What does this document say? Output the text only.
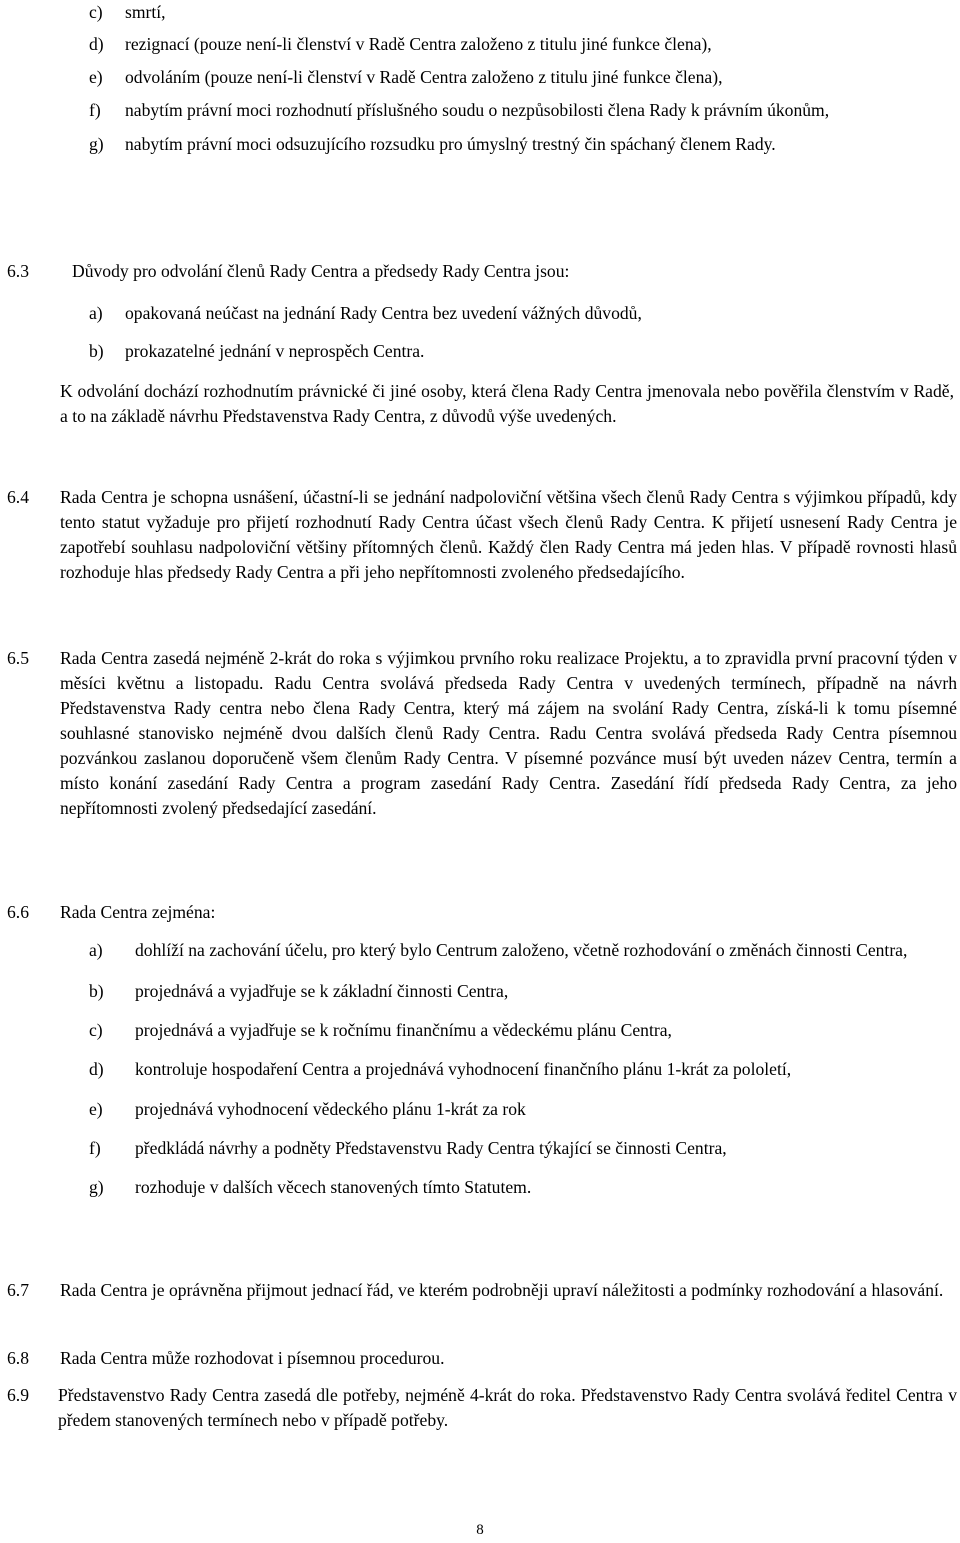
c)	smrtí,
d)	rezignací (pouze není-li členství v Radě Centra založeno z titulu jiné funkce člena),
e)	odvoláním (pouze není-li členství v Radě Centra založeno z titulu jiné funkce člena),
f)	nabytím právní moci rozhodnutí příslušného soudu o nezpůsobilosti člena Rady k právním úkonům,
g)	nabytím právní moci odsuzujícího rozsudku pro úmyslný trestný čin spáchaný členem Rady.
6.3	Důvody pro odvolání členů Rady Centra a předsedy Rady Centra jsou:
a)	opakovaná neúčast na jednání Rady Centra bez uvedení vážných důvodů,
b)	prokazatelné jednání v neprospěch Centra.
K odvolání dochází rozhodnutím právnické či jiné osoby, která člena Rady Centra jmenovala nebo pověřila členstvím v Radě, a to na základě návrhu Představenstva Rady Centra, z důvodů výše uvedených.
6.4	Rada Centra je schopna usnášení, účastní-li se jednání nadpoloviční většina všech členů Rady Centra s výjimkou případů, kdy tento statut vyžaduje pro přijetí rozhodnutí Rady Centra účast všech členů Rady Centra. K přijetí usnesení Rady Centra je zapotřebí souhlasu nadpoloviční většiny přítomných členů. Každý člen Rady Centra má jeden hlas. V případě rovnosti hlasů rozhoduje hlas předsedy Rady Centra a při jeho nepřítomnosti zvoleného předsedajícího.
6.5	Rada Centra zasedá nejméně 2-krát do roka s výjimkou prvního roku realizace Projektu, a to zpravidla první pracovní týden v měsíci květnu a listopadu. Radu Centra svolává předseda Rady Centra v uvedených termínech, případně na návrh Představenstva Rady centra nebo člena Rady Centra, který má zájem na svolání Rady Centra, získá-li k tomu písemné souhlasné stanovisko nejméně dvou dalších členů Rady Centra. Radu Centra svolává předseda Rady Centra písemnou pozvánkou zaslanou doporučeně všem členům Rady Centra. V písemné pozvánce musí být uveden název Centra, termín a místo konání zasedání Rady Centra a program zasedání Rady Centra. Zasedání řídí předseda Rady Centra, za jeho nepřítomnosti zvolený předsedající zasedání.
6.6	Rada Centra zejména:
a)	dohlíží na zachování účelu, pro který bylo Centrum založeno, včetně rozhodování o změnách činnosti Centra,
b)	projednává a vyjadřuje se k základní činnosti Centra,
c)	projednává a vyjadřuje se k ročnímu finančnímu a vědeckému plánu Centra,
d)	kontroluje hospodaření Centra a projednává vyhodnocení finančního plánu 1-krát za pololetí,
e)	projednává vyhodnocení vědeckého plánu 1-krát za rok
f)	předkládá návrhy a podněty Představenstvu Rady Centra týkající se činnosti Centra,
g)	rozhoduje v dalších věcech stanovených tímto Statutem.
6.7	Rada Centra je oprávněna přijmout jednací řád, ve kterém podrobněji upraví náležitosti a podmínky rozhodování a hlasování.
6.8	Rada Centra může rozhodovat i písemnou procedurou.
6.9	Představenstvo Rady Centra zasedá dle potřeby, nejméně 4-krát do roka. Představenstvo Rady Centra svolává ředitel Centra v předem stanovených termínech nebo v případě potřeby.
8
